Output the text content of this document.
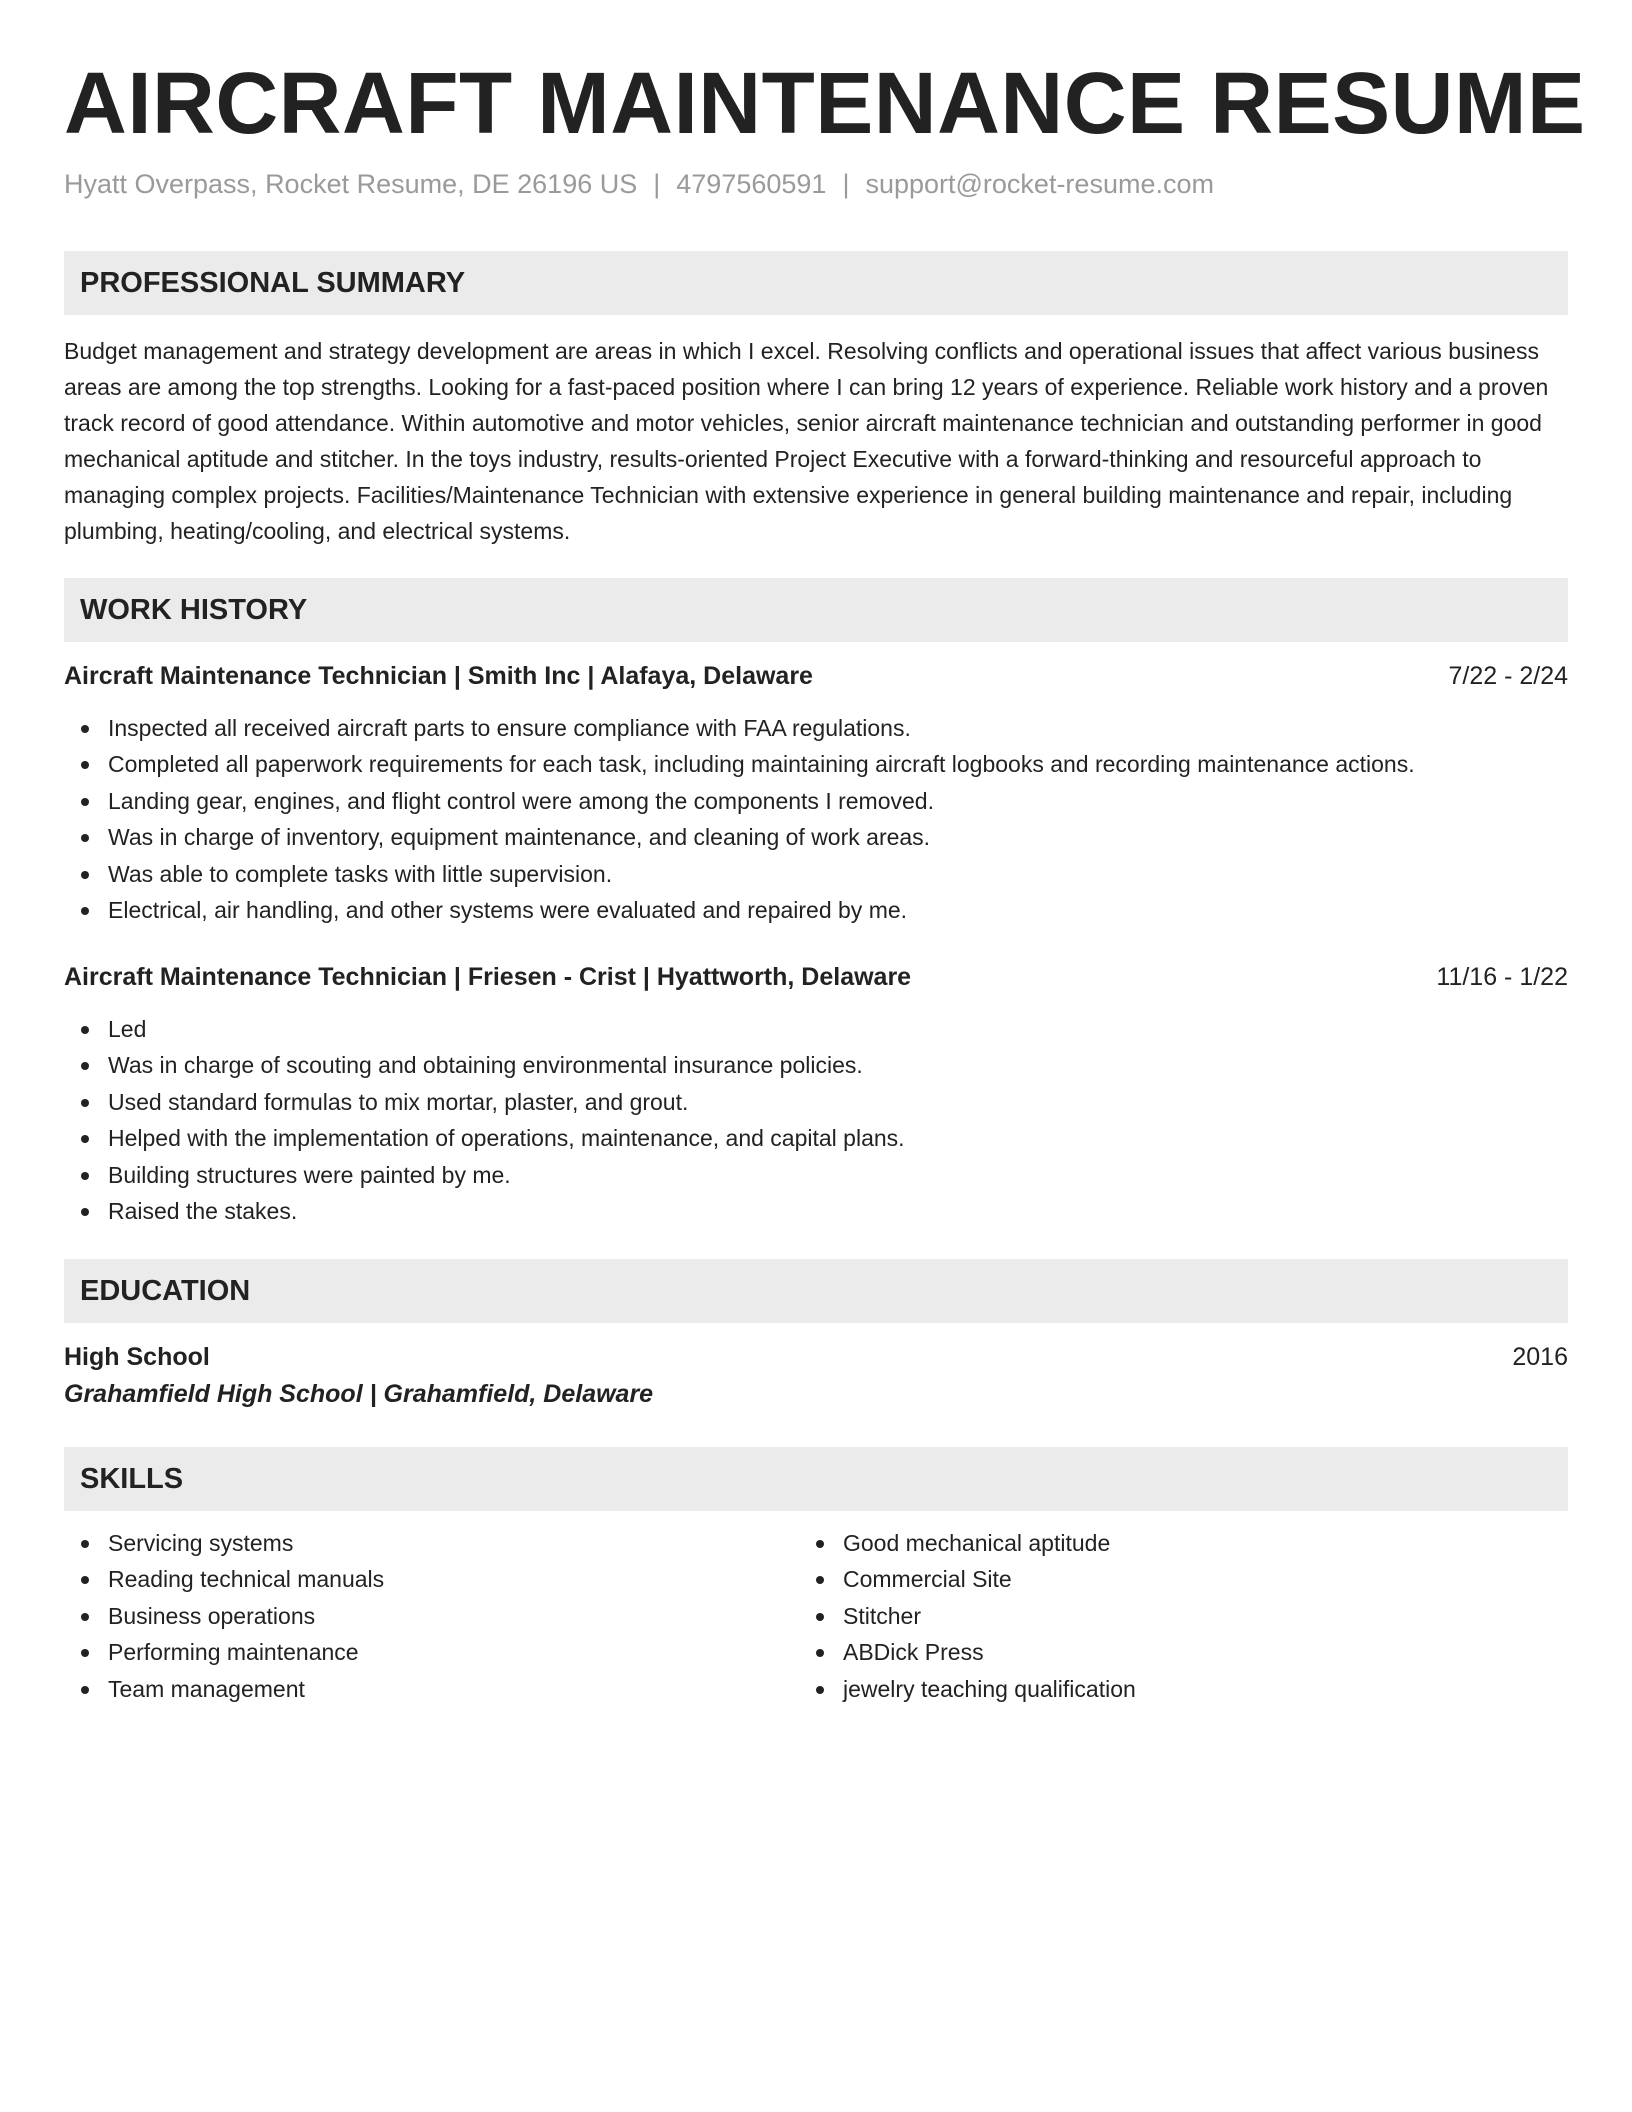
AIRCRAFT MAINTENANCE RESUME
Hyatt Overpass, Rocket Resume, DE 26196 US | 4797560591 | support@rocket-resume.com
PROFESSIONAL SUMMARY

Budget management and strategy development are areas in which I excel. Resolving conflicts and operational issues that affect various business areas are among the top strengths. Looking for a fast-paced position where I can bring 12 years of experience. Reliable work history and a proven track record of good attendance. Within automotive and motor vehicles, senior aircraft maintenance technician and outstanding performer in good mechanical aptitude and stitcher. In the toys industry, results-oriented Project Executive with a forward-thinking and resourceful approach to managing complex projects. Facilities/Maintenance Technician with extensive experience in general building maintenance and repair, including plumbing, heating/cooling, and electrical systems.

WORK HISTORY
Aircraft Maintenance Technician | Smith Inc | Alafaya, Delaware	7/22 - 2/24
Inspected all received aircraft parts to ensure compliance with FAA regulations.
Completed all paperwork requirements for each task, including maintaining aircraft logbooks and recording maintenance actions.
Landing gear, engines, and flight control were among the components I removed.
Was in charge of inventory, equipment maintenance, and cleaning of work areas.
Was able to complete tasks with little supervision.
Electrical, air handling, and other systems were evaluated and repaired by me.
Aircraft Maintenance Technician | Friesen - Crist | Hyattworth, Delaware	11/16 - 1/22
Led
Was in charge of scouting and obtaining environmental insurance policies.
Used standard formulas to mix mortar, plaster, and grout.
Helped with the implementation of operations, maintenance, and capital plans.
Building structures were painted by me.
Raised the stakes.
EDUCATION
High School	2016
Grahamfield High School | Grahamfield, Delaware
SKILLS
Servicing systems
Reading technical manuals
Business operations
Performing maintenance
Team management
Good mechanical aptitude
Commercial Site
Stitcher
ABDick Press
jewelry teaching qualification
